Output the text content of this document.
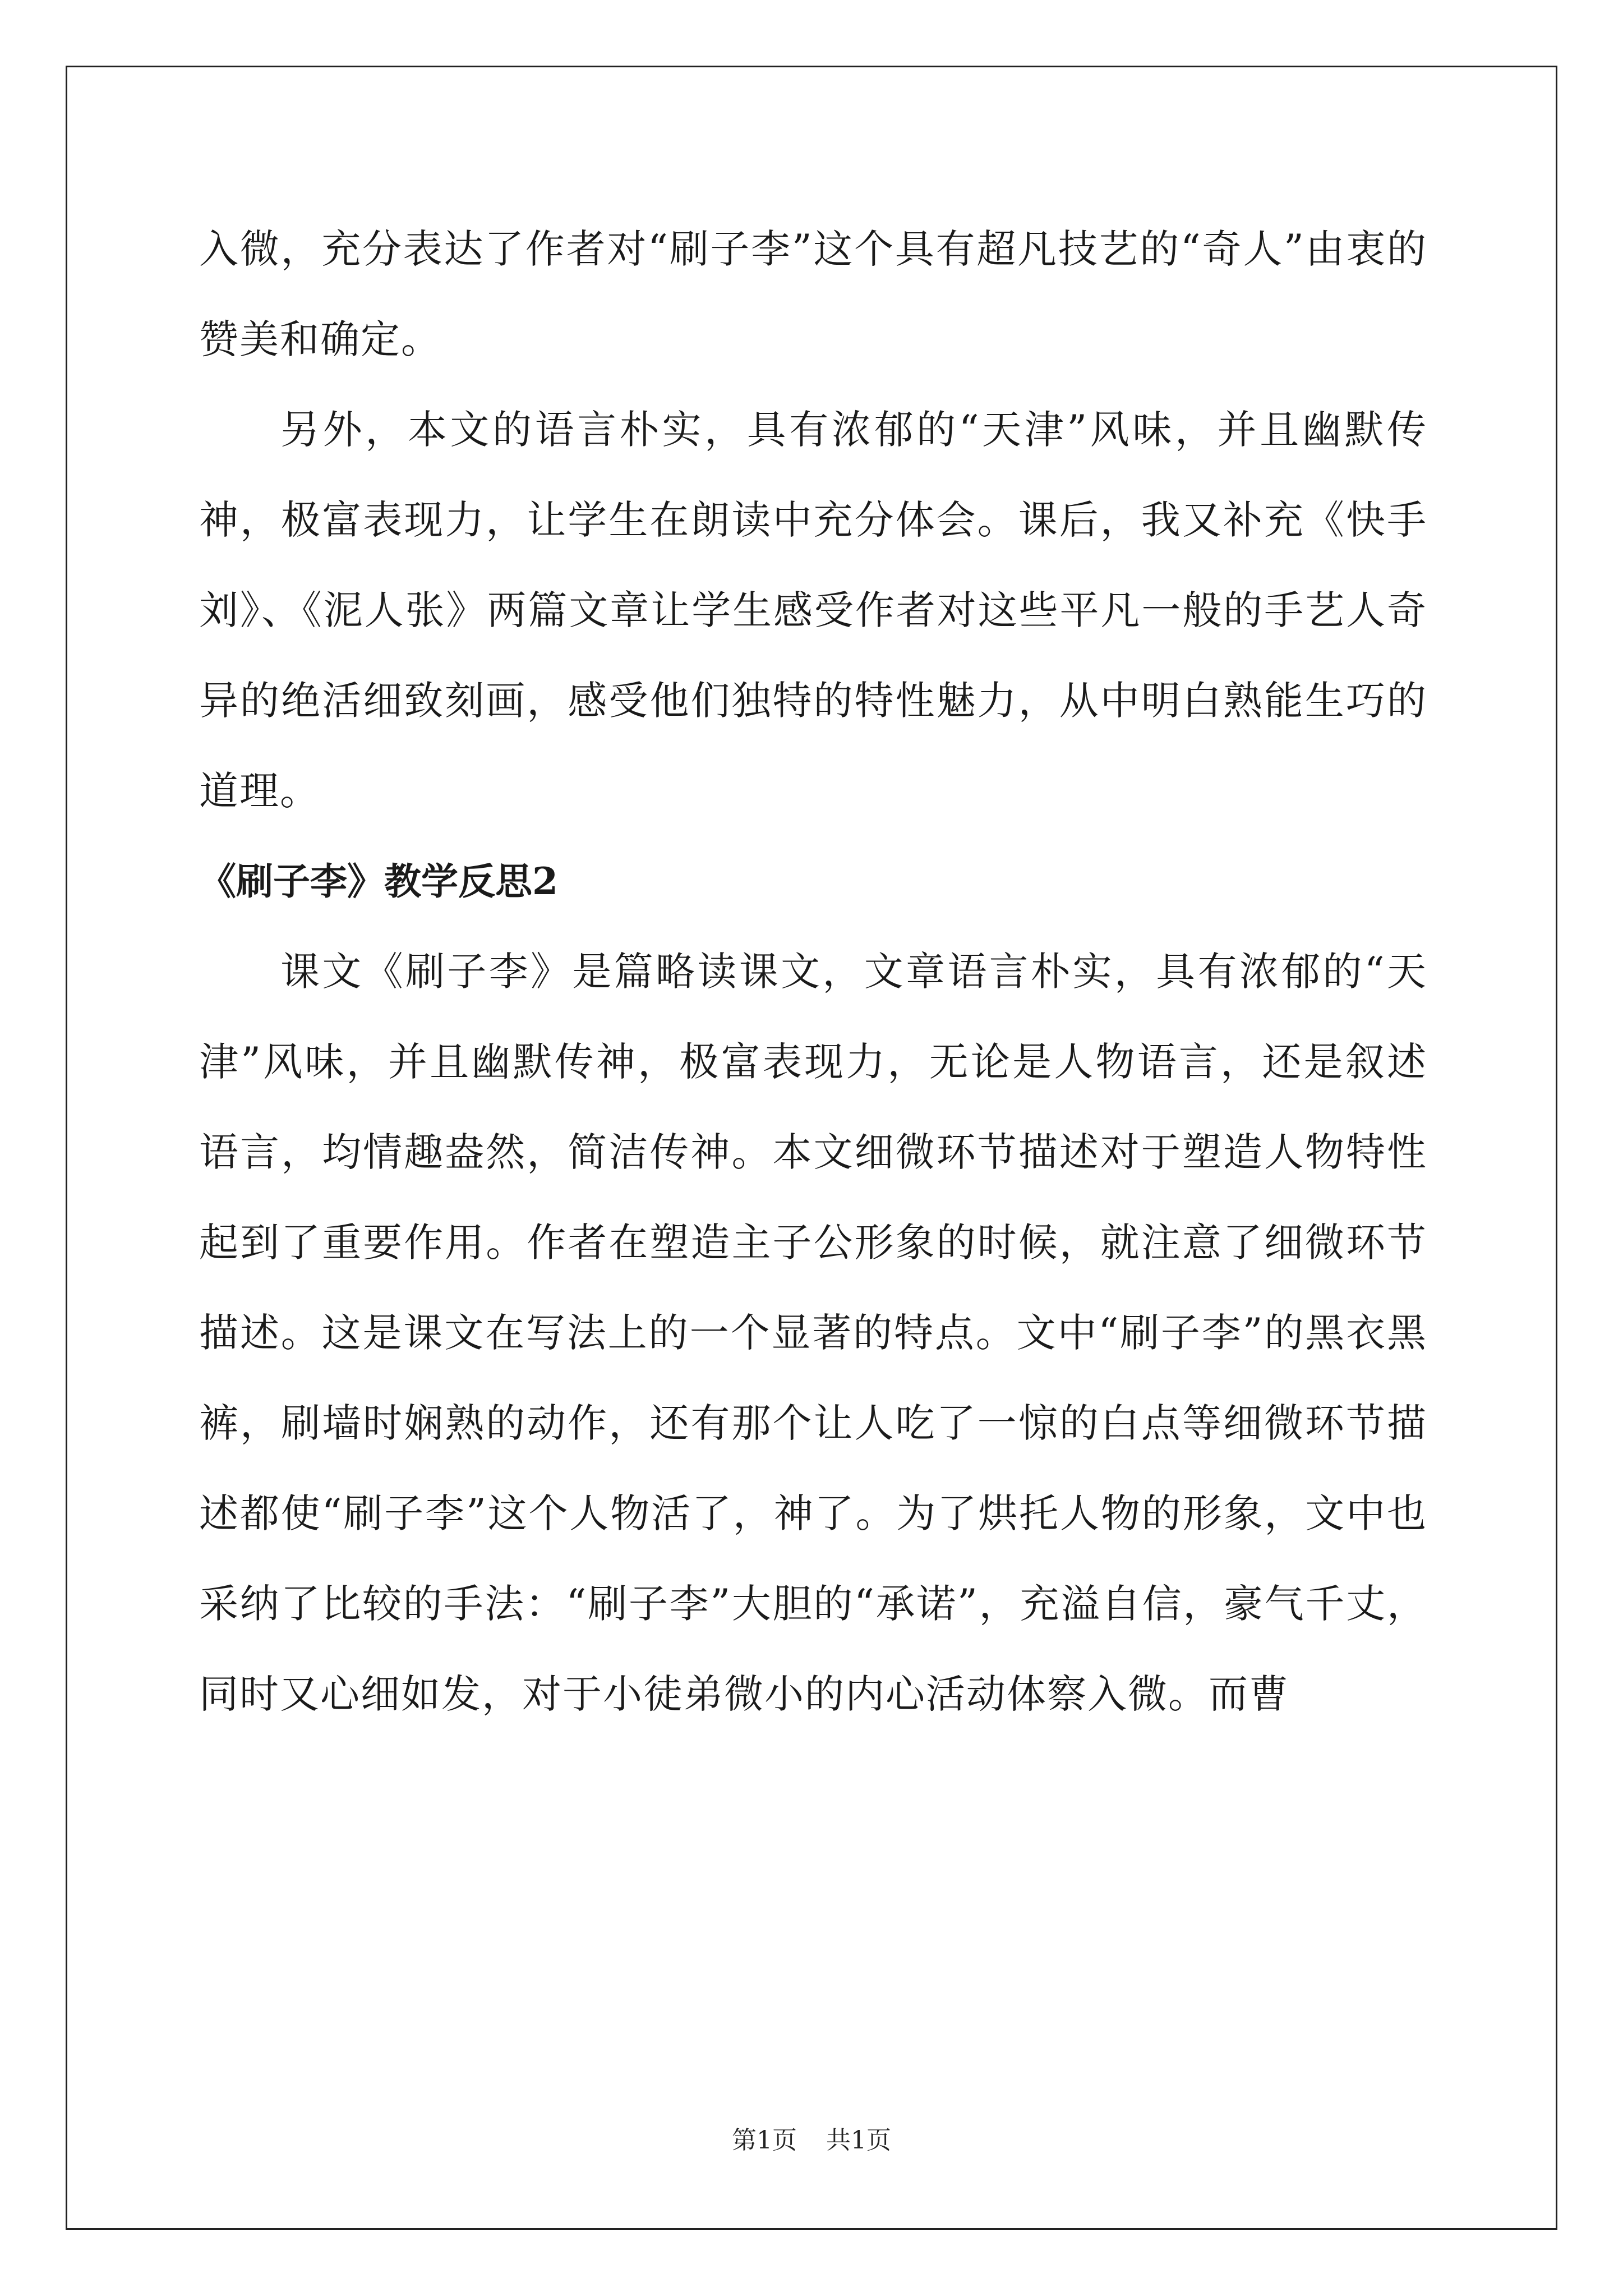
入微，充分表达了作者对“刷子李”这个具有超凡技艺的“奇人”由衷的赞美和确定。

另外，本文的语言朴实，具有浓郁的“天津”风味，并且幽默传神，极富表现力，让学生在朗读中充分体会。课后，我又补充《快手刘》、《泥人张》两篇文章让学生感受作者对这些平凡一般的手艺人奇异的绝活细致刻画，感受他们独特的特性魅力，从中明白熟能生巧的道理。

《刷子李》教学反思2

课文《刷子李》是篇略读课文，文章语言朴实，具有浓郁的“天津”风味，并且幽默传神，极富表现力，无论是人物语言，还是叙述语言，均情趣盎然，简洁传神。本文细微环节描述对于塑造人物特性起到了重要作用。作者在塑造主子公形象的时候，就注意了细微环节描述。这是课文在写法上的一个显著的特点。文中“刷子李”的黑衣黑裤，刷墙时娴熟的动作，还有那个让人吃了一惊的白点等细微环节描述都使“刷子李”这个人物活了，神了。为了烘托人物的形象，文中也采纳了比较的手法：“刷子李”大胆的“承诺”，充溢自信，豪气千丈，同时又心细如发，对于小徒弟微小的内心活动体察入微。而曹

第1页 共1页
